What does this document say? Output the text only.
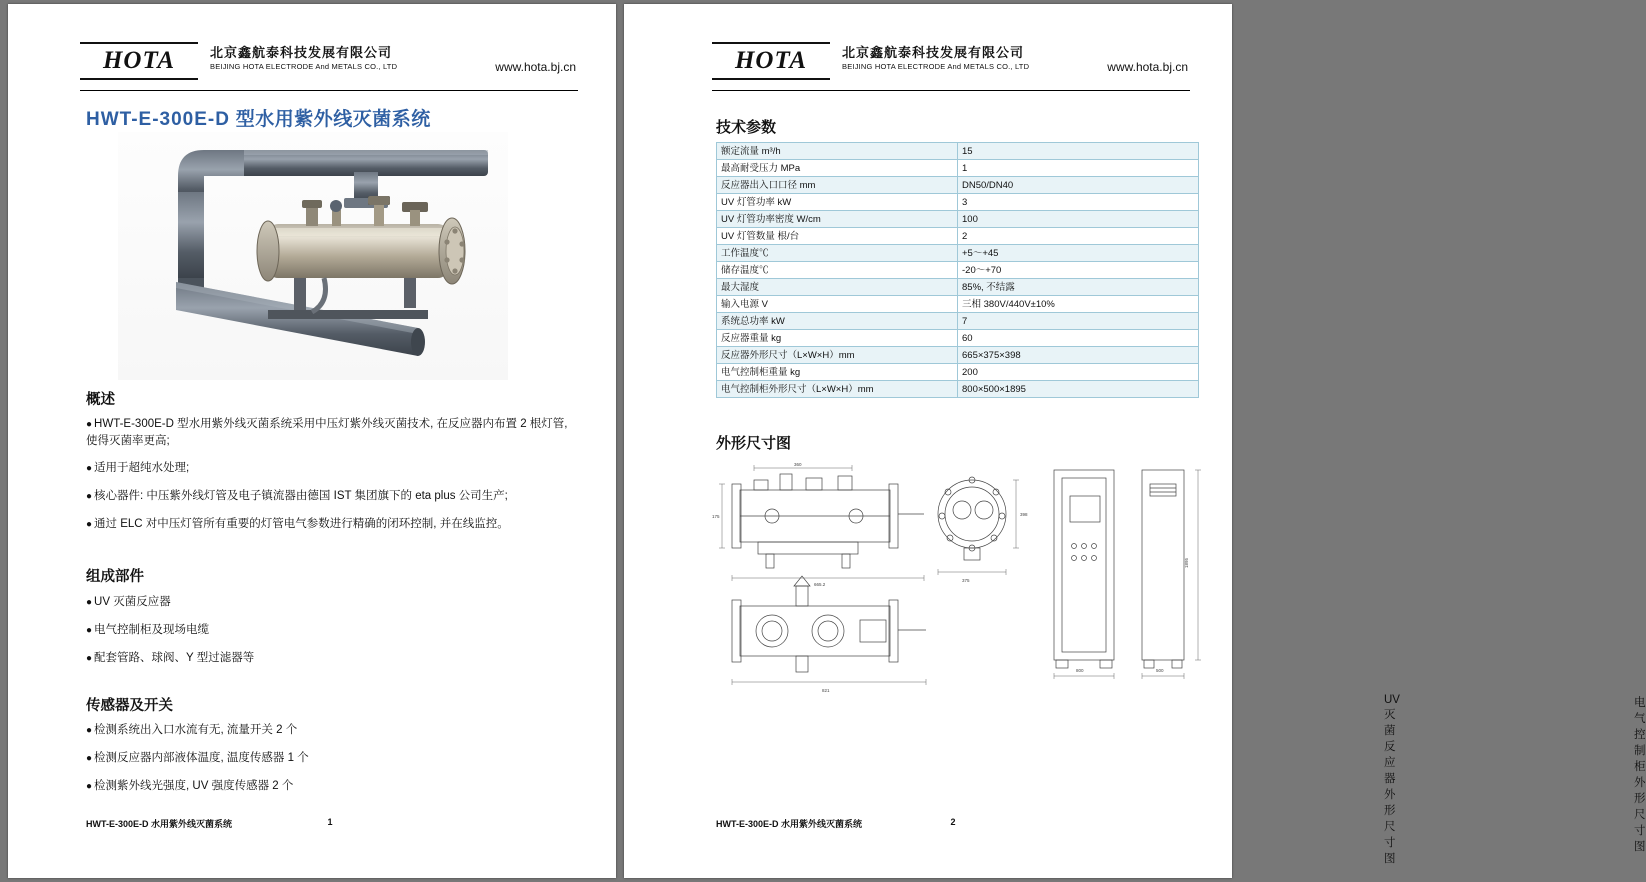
HOTA	北京鑫航泰科技发展有限公司
BEIJING HOTA ELECTRODE And METALS CO., LTD	www.hota.bj.cn
HWT-E-300E-D 型水用紫外线灭菌系统
概述

● HWT-E-300E-D 型水用紫外线灭菌系统采用中压灯紫外线灭菌技术, 在反应器内布置 2 根灯管, 使得灭菌率更高;

● 适用于超纯水处理;

● 核心器件: 中压紫外线灯管及电子镇流器由德国 IST 集团旗下的 eta plus 公司生产;

● 通过 ELC 对中压灯管所有重要的灯管电气参数进行精确的闭环控制, 并在线监控。

组成部件

● UV 灭菌反应器

● 电气控制柜及现场电缆

● 配套管路、球阀、Y 型过滤器等

传感器及开关

● 检测系统出入口水流有无, 流量开关 2 个

● 检测反应器内部液体温度, 温度传感器 1 个

● 检测紫外线光强度, UV 强度传感器 2 个

HWT-E-300E-D 水用紫外线灭菌系统	1
HOTA	北京鑫航泰科技发展有限公司
BEIJING HOTA ELECTRODE And METALS CO., LTD	www.hota.bj.cn
技术参数
额定流量 m³/h	15
最高耐受压力 MPa	1
反应器出入口口径 mm	DN50/DN40
UV 灯管功率 kW	3
UV 灯管功率密度 W/cm	100
UV 灯管数量 根/台	2
工作温度℃	+5～+45
储存温度℃	-20～+70
最大湿度	85%, 不结露
输入电源 V	三相 380V/440V±10%
系统总功率 kW	7
反应器重量 kg	60
反应器外形尺寸（L×W×H）mm	665×375×398
电气控制柜重量 kg	200
电气控制柜外形尺寸（L×W×H）mm	800×500×1895
外形尺寸图
360
665.2
175
375
398
821
800
1895
500
UV 灭菌反应器外形尺寸图
电气控制柜外形尺寸图
HWT-E-300E-D 水用紫外线灭菌系统	2
